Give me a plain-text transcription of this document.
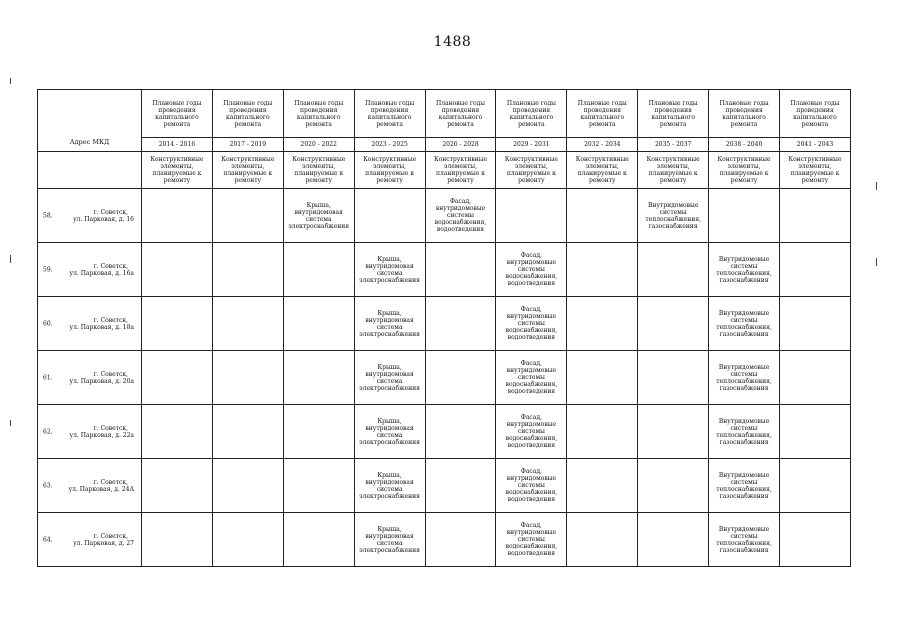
1488
Адрес МКД	Плановые годы проведения капитального ремонта	Плановые годы проведения капитального ремонта	Плановые годы проведения капитального ремонта	Плановые годы проведения капитального ремонта	Плановые годы проведения капитального ремонта	Плановые годы проведения капитального ремонта	Плановые годы проведения капитального ремонта	Плановые годы проведения капитального ремонта	Плановые годы проведения капитального ремонта	Плановые годы проведения капитального ремонта
	2014 - 2016	2017 - 2019	2020 - 2022	2023 - 2025	2026 - 2028	2029 - 2031	2032 - 2034	2035 - 2037	2038 - 2040	2041 - 2043
	Конструктивные элементы, планируемые к ремонту	Конструктивные элементы, планируемые к ремонту	Конструктивные элементы, планируемые к ремонту	Конструктивные элементы, планируемые к ремонту	Конструктивные элементы, планируемые к ремонту	Конструктивные элементы, планируемые к ремонту	Конструктивные элементы, планируемые к ремонту	Конструктивные элементы, планируемые к ремонту	Конструктивные элементы, планируемые к ремонту	Конструктивные элементы, планируемые к ремонту

58. г. Советск,
ул. Парковая, д. 16			Крыша, внутридомовая система электроснабжения		Фасад, внутридомовые системы водоснабжения, водоотведения			Внутридомовые системы теплоснабжения, газоснабжения		

59. г. Советск,
ул. Парковая, д. 16а				Крыша, внутридомовая система электроснабжения		Фасад, внутридомовые системы водоснабжения, водоотведения			Внутридомовые системы теплоснабжения, газоснабжения	

60. г. Советск,
ул. Парковая, д. 18а				Крыша, внутридомовая система электроснабжения		Фасад, внутридомовые системы водоснабжения, водоотведения			Внутридомовые системы теплоснабжения, газоснабжения	

61. г. Советск,
ул. Парковая, д. 20а				Крыша, внутридомовая система электроснабжения		Фасад, внутридомовые системы водоснабжения, водоотведения			Внутридомовые системы теплоснабжения, газоснабжения	

62. г. Советск,
ул. Парковая, д. 22а				Крыша, внутридомовая система электроснабжения		Фасад, внутридомовые системы водоснабжения, водоотведения			Внутридомовые системы теплоснабжения, газоснабжения	

63. г. Советск,
ул. Парковая, д. 24А				Крыша, внутридомовая система электроснабжения		Фасад, внутридомовые системы водоснабжения, водоотведения			Внутридомовые системы теплоснабжения, газоснабжения	

64. г. Советск,
ул. Парковая, д. 27				Крыша, внутридомовая система электроснабжения		Фасад, внутридомовые системы водоснабжения, водоотведения			Внутридомовые системы теплоснабжения, газоснабжения	
